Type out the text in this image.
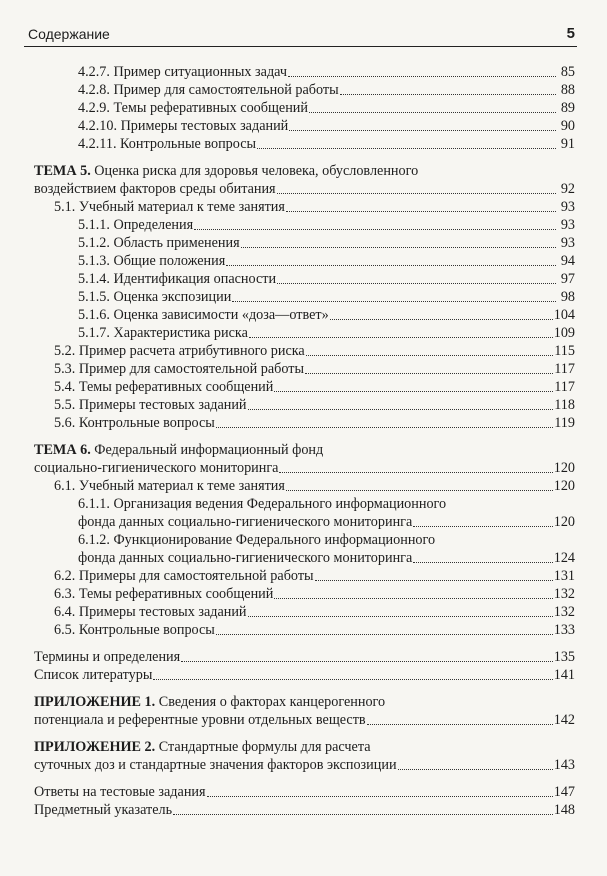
Содержание	5
4.2.7. Пример ситуационных задач	85
4.2.8. Пример для самостоятельной работы	88
4.2.9. Темы реферативных сообщений	89
4.2.10. Примеры тестовых заданий	90
4.2.11. Контрольные вопросы	91
ТЕМА 5. Оценка риска для здоровья человека, обусловленного
воздействием факторов среды обитания	92
5.1. Учебный материал к теме занятия	93
5.1.1. Определения	93
5.1.2. Область применения	93
5.1.3. Общие положения	94
5.1.4. Идентификация опасности	97
5.1.5. Оценка экспозиции	98
5.1.6. Оценка зависимости «доза—ответ»	104
5.1.7. Характеристика риска	109
5.2. Пример расчета атрибутивного риска	115
5.3. Пример для самостоятельной работы	117
5.4. Темы реферативных сообщений	117
5.5. Примеры тестовых заданий	118
5.6. Контрольные вопросы	119
ТЕМА 6. Федеральный информационный фонд
социально-гигиенического мониторинга	120
6.1. Учебный материал к теме занятия	120
6.1.1. Организация ведения Федерального информационного
фонда данных социально-гигиенического мониторинга	120
6.1.2. Функционирование Федерального информационного
фонда данных социально-гигиенического мониторинга	124
6.2. Примеры для самостоятельной работы	131
6.3. Темы реферативных сообщений	132
6.4. Примеры тестовых заданий	132
6.5. Контрольные вопросы	133
Термины и определения	135
Список литературы	141
ПРИЛОЖЕНИЕ 1. Сведения о факторах канцерогенного
потенциала и референтные уровни отдельных веществ	142
ПРИЛОЖЕНИЕ 2. Стандартные формулы для расчета
суточных доз и стандартные значения факторов экспозиции	143
Ответы на тестовые задания	147
Предметный указатель	148
